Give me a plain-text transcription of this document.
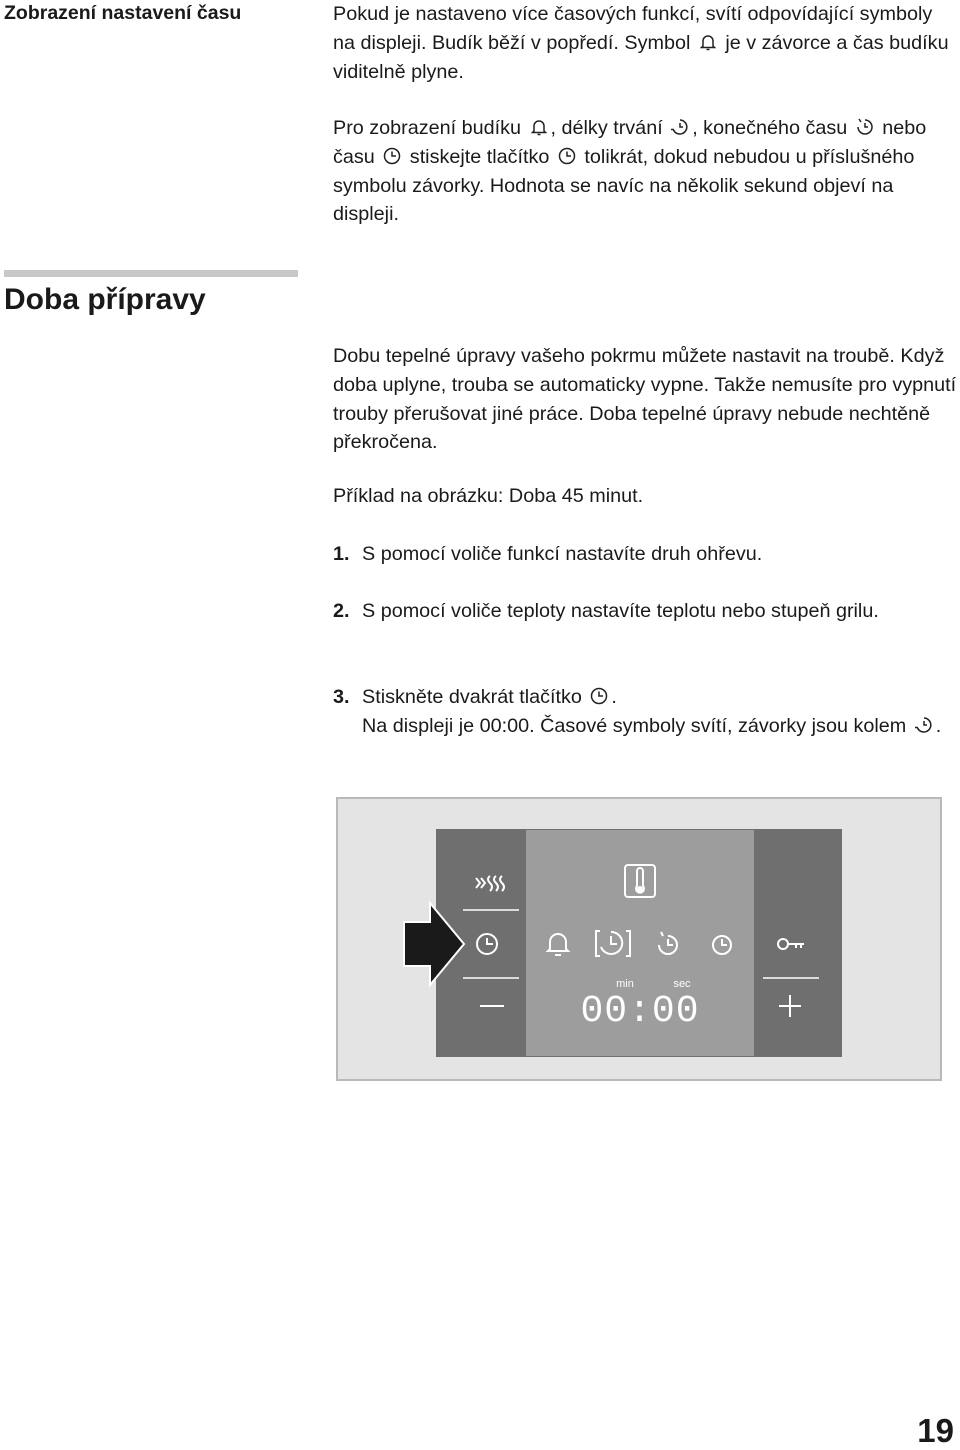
Zobrazení nastavení času	Pokud je nastaveno více časových funkcí, svítí odpovídající symboly na displeji. Budík běží v popředí. Symbol je v závorce a čas budíku viditelně plyne.

Pro zobrazení budíku , délky trvání , konečného času nebo času stiskejte tlačítko tolikrát, dokud nebudou u příslušného symbolu závorky. Hodnota se navíc na několik sekund objeví na displeji.

Doba přípravy

Dobu tepelné úpravy vašeho pokrmu můžete nastavit na troubě. Když doba uplyne, trouba se automaticky vypne. Takže nemusíte pro vypnutí trouby přerušovat jiné práce. Doba tepelné úpravy nebude nechtěně překročena.

Příklad na obrázku: Doba 45 minut.

1. S pomocí voliče funkcí nastavíte druh ohřevu.
2. S pomocí voliče teploty nastavíte teplotu nebo stupeň grilu.
3. Stiskněte dvakrát tlačítko .
Na displeji je 00:00. Časové symboly svítí, závorky jsou kolem .
min	sec
00:00
19
